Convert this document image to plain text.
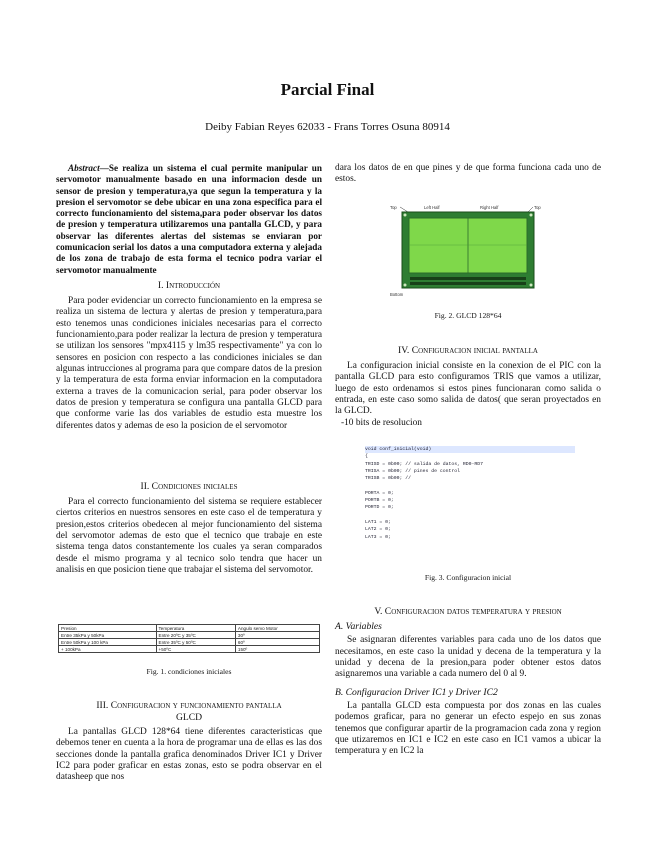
Parcial Final
Deiby Fabian Reyes 62033 - Frans Torres Osuna 80914
Abstract—Se realiza un sistema el cual permite manipular un servomotor manualmente basado en una informacion desde un sensor de presion y temperatura,ya que segun la temperatura y la presion el servomotor se debe ubicar en una zona especifica para el correcto funcionamiento del sistema,para poder observar los datos de presion y temperatura utilizaremos una pantalla GLCD, y para observar las diferentes alertas del sistemas se enviaran por comunicacion serial los datos a una computadora externa y alejada de los zona de trabajo de esta forma el tecnico podra variar el servomotor manualmente
I. Introducción

Para poder evidenciar un correcto funcionamiento en la empresa se realiza un sistema de lectura y alertas de presion y temperatura,para esto tenemos unas condiciones iniciales necesarias para el correcto funcionamiento,para poder realizar la lectura de presion y temperatura se utilizan los sensores "mpx4115 y lm35 respectivamente" ya con lo sensores en posicion con respecto a las condiciones iniciales se dan algunas intrucciones al programa para que compare datos de la presion y la temperatura de esta forma enviar informacion en la computadora externa a traves de la comunicacion serial, para poder observar los datos de presion y temperatura se configura una pantalla GLCD para que conforme varie las dos variables de estudio esta muestre los diferentes datos y ademas de eso la posicion de el servomotor

II. Condiciones iniciales

Para el correcto funcionamiento del sistema se requiere establecer ciertos criterios en nuestros sensores en este caso el de temperatura y presion,estos criterios obedecen al mejor funcionamiento del sistema del servomotor ademas de esto que el tecnico que trabaje en este sistema tenga datos constantemente los cuales ya seran comparados desde el mismo programa y al tecnico solo tendra que hacer un analisis en que posicion tiene que trabajar el sistema del servomotor.

Presion	Temperatura	Angulo servo Motor
Entre 35kPa y 50kPa	Entre 20ºC y 35ºC	30º
Entre 50kPa y 100 kPa	Entre 35ºC y 50ºC	60º
+ 100kPa	+50ºC	150º
Fig. 1. condiciones iniciales
III. Configuracion y funcionamiento pantalla
GLCD

La pantallas GLCD 128*64 tiene diferentes caracteristicas que debemos tener en cuenta a la hora de programar una de ellas es las dos secciones donde la pantalla grafica denominados Driver IC1 y Driver IC2 para poder graficar en estas zonas, esto se podra observar en el datasheep que nos

dara los datos de en que pines y de que forma funciona cada uno de estos.

Top	Left Half	Right Half	Top
Bottom
Fig. 2. GLCD 128*64
IV. Configuracion inicial pantalla

La configuracion inicial consiste en la conexion de el PIC con la pantalla GLCD para esto configuramos TRIS que vamos a utilizar, luego de esto ordenamos si estos pines funcionaran como salida o entrada, en este caso somo salida de datos( que seran proyectados en la GLCD.

-10 bits de resolucion
void conf_inicial(void)
{
TRISD = 0b00; // salida de datos, RD0-RD7
TRISA = 0b00; // pines de control
TRISB = 0b00; //
PORTA = 0;
PORTB = 0;
PORTD = 0;
LAT1 = 0;
LAT2 = 0;
LAT3 = 0;
Fig. 3. Configuracion inicial
V. Configuracion datos temperatura y presion
A. Variables

Se asignaran diferentes variables para cada uno de los datos que necesitamos, en este caso la unidad y decena de la temperatura y la unidad y decena de la presion,para poder obtener estos datos asignaremos una variable a cada numero del 0 al 9.

B. Configuracion Driver IC1 y Driver IC2

La pantalla GLCD esta compuesta por dos zonas en las cuales podemos graficar, para no generar un efecto espejo en sus zonas tenemos que configurar apartir de la programacion cada zona y region que utizaremos en IC1 e IC2 en este caso en IC1 vamos a ubicar la temperatura y en IC2 la
